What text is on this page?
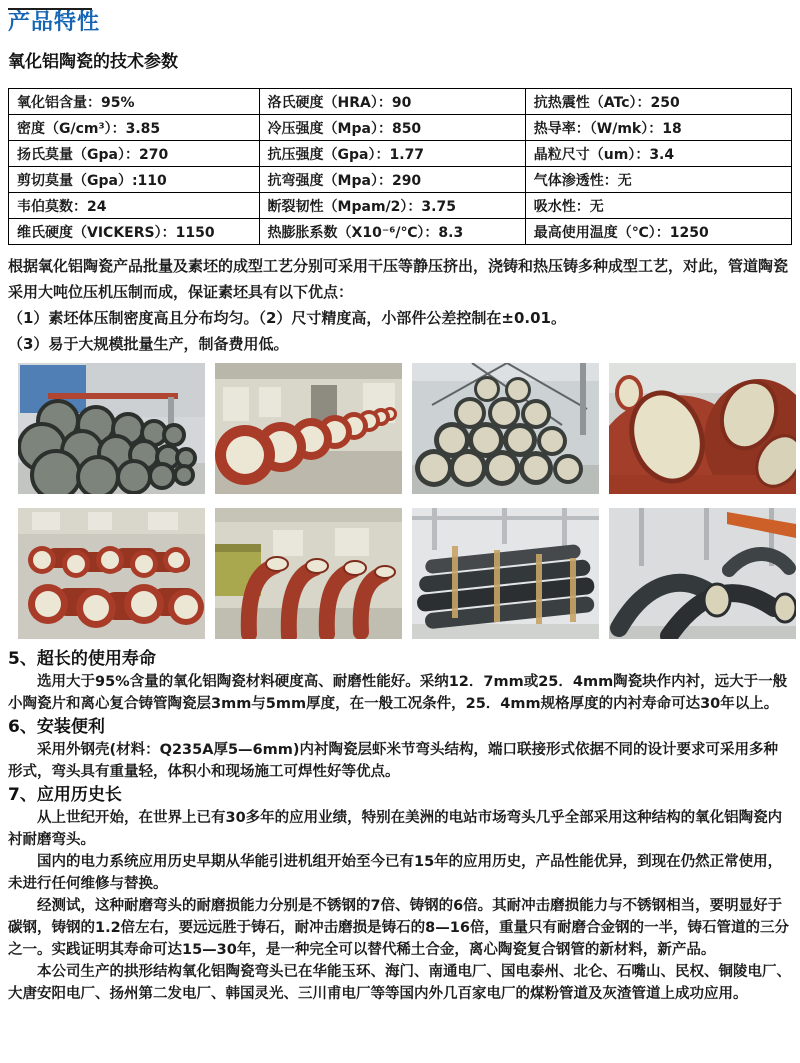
产品特性
氧化铝陶瓷的技术参数
氧化铝含量：95%	洛氏硬度（HRA）：90	抗热震性（ATc）：250
密度（G/cm³）：3.85	冷压强度（Mpa）：850	热导率：（W/mk）：18
扬氏莫量（Gpa）：270	抗压强度（Gpa）：1.77	晶粒尺寸（um）：3.4
剪切莫量（Gpa）:110	抗弯强度（Mpa）：290	气体渗透性：无
韦伯莫数：24	断裂韧性（Mpam/2）：3.75	吸水性：无
维氏硬度（VICKERS）：1150	热膨胀系数（X10⁻⁶/℃）：8.3	最高使用温度（℃）：1250

根据氧化铝陶瓷产品批量及素坯的成型工艺分别可采用干压等静压挤出，浇铸和热压铸多种成型工艺，对此，管道陶瓷采用大吨位压机压制而成，保证素坯具有以下优点：

（1）素坯体压制密度高且分布均匀。（2）尺寸精度高，小部件公差控制在±0.01。

（3）易于大规模批量生产，制备费用低。

5、超长的使用寿命

选用大于95%含量的氧化铝陶瓷材料硬度高、耐磨性能好。采纳12．7mm或25．4mm陶瓷块作内衬，远大于一般小陶瓷片和离心复合铸管陶瓷层3mm与5mm厚度，在一般工况条件，25．4mm规格厚度的内衬寿命可达30年以上。

6、安装便利

采用外钢壳(材料：Q235A厚5—6mm)内衬陶瓷层虾米节弯头结构，端口联接形式依据不同的设计要求可采用多种形式，弯头具有重量轻，体积小和现场施工可焊性好等优点。

7、应用历史长

从上世纪开始，在世界上已有30多年的应用业绩，特别在美洲的电站市场弯头几乎全部采用这种结构的氧化铝陶瓷内衬耐磨弯头。

国内的电力系统应用历史早期从华能引进机组开始至今已有15年的应用历史，产品性能优异，到现在仍然正常使用，未进行任何维修与替换。

经测试，这种耐磨弯头的耐磨损能力分别是不锈钢的7倍、铸钢的6倍。其耐冲击磨损能力与不锈钢相当，要明显好于碳钢，铸钢的1.2倍左右，要远远胜于铸石，耐冲击磨损是铸石的8—16倍，重量只有耐磨合金钢的一半，铸石管道的三分之一。实践证明其寿命可达15—30年，是一种完全可以替代稀土合金，离心陶瓷复合钢管的新材料，新产品。

本公司生产的拱形结构氧化铝陶瓷弯头已在华能玉环、海门、南通电厂、国电泰州、北仑、石嘴山、民权、铜陵电厂、大唐安阳电厂、扬州第二发电厂、韩国灵光、三川甫电厂等等国内外几百家电厂的煤粉管道及灰渣管道上成功应用。
